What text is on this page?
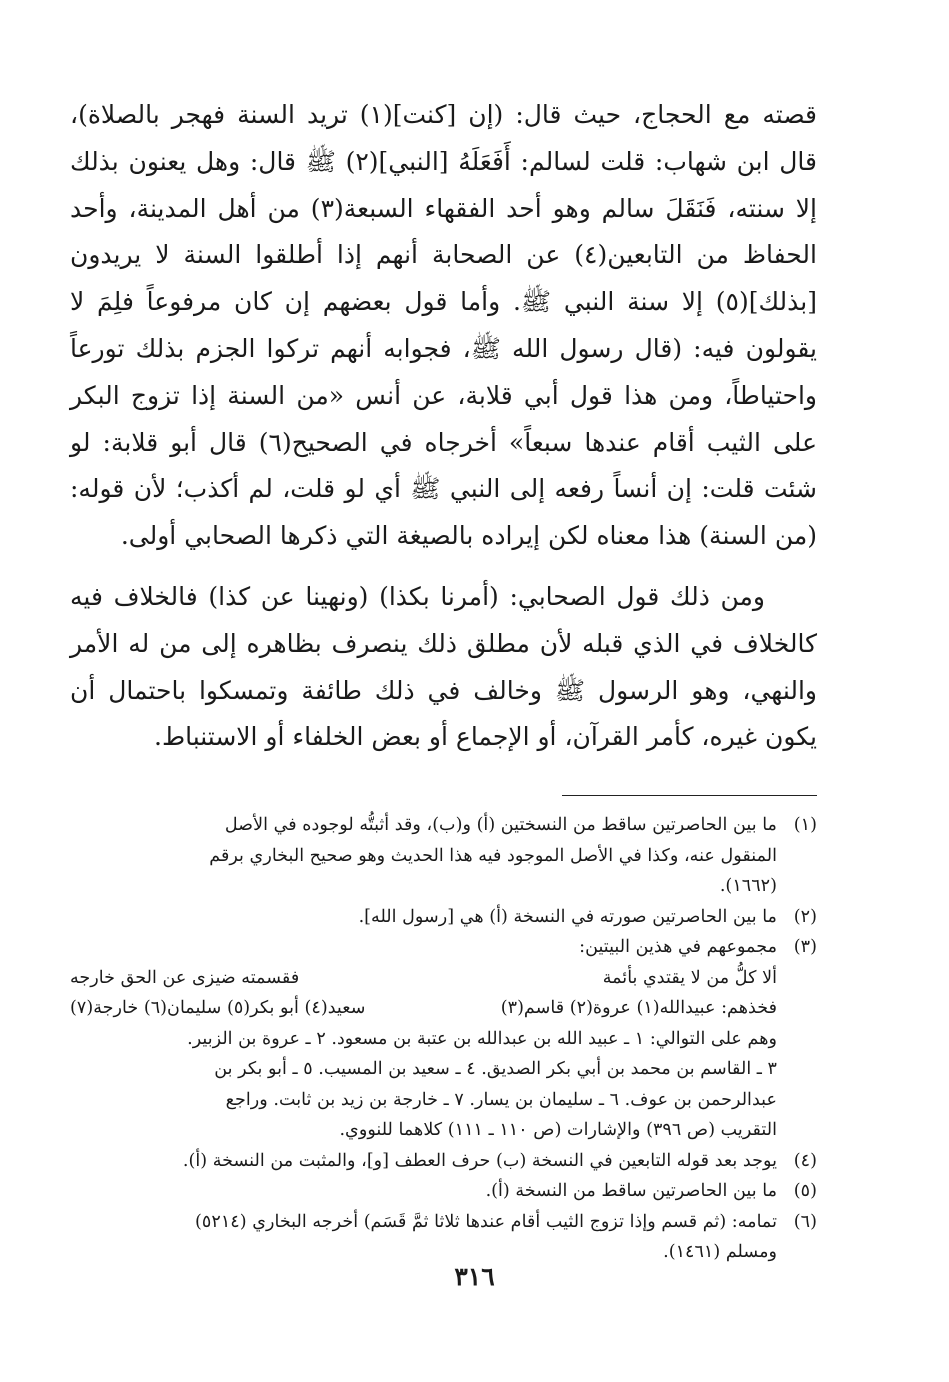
قصته مع الحجاج، حيث قال: (إن [كنت](١) تريد السنة فهجر بالصلاة)، قال ابن شهاب: قلت لسالم: أَفَعَلَهُ [النبي](٢) ﷺ قال: وهل يعنون بذلك إلا سنته، فَنَقَلَ سالم وهو أحد الفقهاء السبعة(٣) من أهل المدينة، وأحد الحفاظ من التابعين(٤) عن الصحابة أنهم إذا أطلقوا السنة لا يريدون [بذلك](٥) إلا سنة النبي ﷺ. وأما قول بعضهم إن كان مرفوعاً فلِمَ لا يقولون فيه: (قال رسول الله ﷺ، فجوابه أنهم تركوا الجزم بذلك تورعاً واحتياطاً، ومن هذا قول أبي قلابة، عن أنس «من السنة إذا تزوج البكر على الثيب أقام عندها سبعاً» أخرجاه في الصحيح(٦) قال أبو قلابة: لو شئت قلت: إن أنساً رفعه إلى النبي ﷺ أي لو قلت، لم أكذب؛ لأن قوله: (من السنة) هذا معناه لكن إيراده بالصيغة التي ذكرها الصحابي أولى.

ومن ذلك قول الصحابي: (أمرنا بكذا) (ونهينا عن كذا) فالخلاف فيه كالخلاف في الذي قبله لأن مطلق ذلك ينصرف بظاهره إلى من له الأمر والنهي، وهو الرسول ﷺ وخالف في ذلك طائفة وتمسكوا باحتمال أن يكون غيره، كأمر القرآن، أو الإجماع أو بعض الخلفاء أو الاستنباط.

(١)
ما بين الحاصرتين ساقط من النسختين (أ) و(ب)، وقد أثبتُّه لوجوده في الأصل
المنقول عنه، وكذا في الأصل الموجود فيه هذا الحديث وهو صحيح البخاري برقم
(١٦٦٢).
(٢)
ما بين الحاصرتين صورته في النسخة (أ) هي [رسول الله].
(٣)
مجموعهم في هذين البيتين:
ألا كلُّ من لا يقتدي بأئمة
فقسمته ضيزى عن الحق خارجه
فخذهم: عبيدالله(١) عروة(٢) قاسم(٣)
سعيد(٤) أبو بكر(٥) سليمان(٦) خارجة(٧)
وهم على التوالي: ١ ـ عبيد الله بن عبدالله بن عتبة بن مسعود. ٢ ـ عروة بن الزبير.
٣ ـ القاسم بن محمد بن أبي بكر الصديق. ٤ ـ سعيد بن المسيب. ٥ ـ أبو بكر بن
عبدالرحمن بن عوف. ٦ ـ سليمان بن يسار. ٧ ـ خارجة بن زيد بن ثابت. وراجع
التقريب (ص ٣٩٦) والإشارات (ص ١١٠ ـ ١١١) كلاهما للنووي.
(٤)
يوجد بعد قوله التابعين في النسخة (ب) حرف العطف [و]، والمثبت من النسخة (أ).
(٥)
ما بين الحاصرتين ساقط من النسخة (أ).
(٦)
تمامه: (ثم قسم وإذا تزوج الثيب أقام عندها ثلاثا ثمَّ قَسَم) أخرجه البخاري (٥٢١٤)
ومسلم (١٤٦١).
٣١٦
